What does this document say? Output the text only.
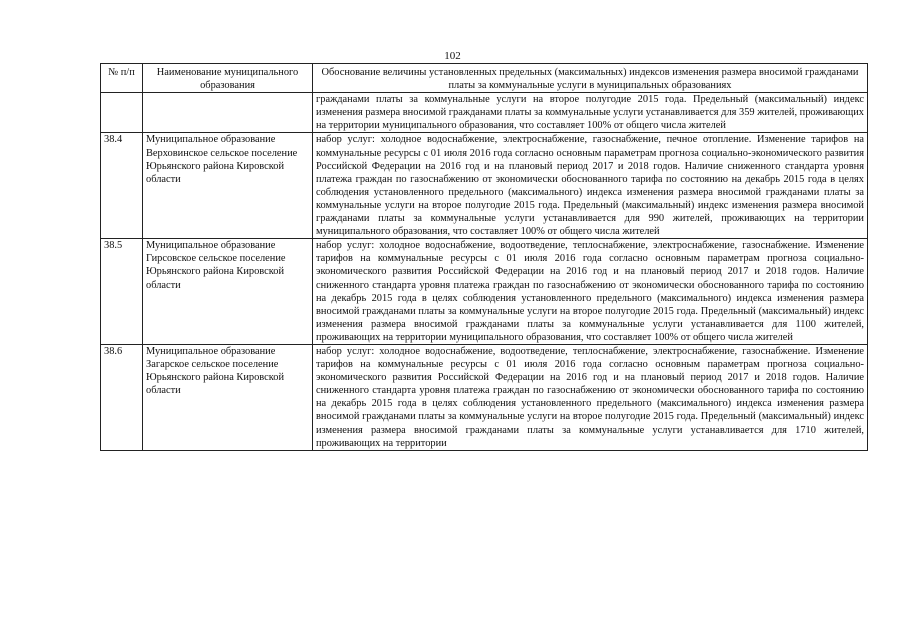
102
№ п/п	Наименование муниципального образования	Обоснование величины установленных предельных (максимальных) индексов изменения размера вносимой гражданами платы за коммунальные услуги в муниципальных образованиях
		гражданами платы за коммунальные услуги на второе полугодие 2015 года. Предельный (максимальный) индекс изменения размера вносимой гражданами платы за коммунальные услуги устанавливается для 359 жителей, проживающих на территории муниципального образования, что составляет 100% от общего числа жителей
38.4	Муниципальное образование Верховинское сельское поселение Юрьянского района Кировской области	набор услуг: холодное водоснабжение, электроснабжение, газоснабжение, печное отопление. Изменение тарифов на коммунальные ресурсы с 01 июля 2016 года согласно основным параметрам прогноза социально-экономического развития Российской Федерации на 2016 год и на плановый период 2017 и 2018 годов. Наличие сниженного стандарта уровня платежа граждан по газоснабжению от экономически обоснованного тарифа по состоянию на декабрь 2015 года в целях соблюдения установленного предельного (максимального) индекса изменения размера вносимой гражданами платы за коммунальные услуги на второе полугодие 2015 года. Предельный (максимальный) индекс изменения размера вносимой гражданами платы за коммунальные услуги устанавливается для 990 жителей, проживающих на территории муниципального образования, что составляет 100% от общего числа жителей
38.5	Муниципальное образование Гирсовское сельское поселение Юрьянского района Кировской области	набор услуг: холодное водоснабжение, водоотведение, теплоснабжение, электроснабжение, газоснабжение. Изменение тарифов на коммунальные ресурсы с 01 июля 2016 года согласно основным параметрам прогноза социально-экономического развития Российской Федерации на 2016 год и на плановый период 2017 и 2018 годов. Наличие сниженного стандарта уровня платежа граждан по газоснабжению от экономически обоснованного тарифа по состоянию на декабрь 2015 года в целях соблюдения установленного предельного (максимального) индекса изменения размера вносимой гражданами платы за коммунальные услуги на второе полугодие 2015 года. Предельный (максимальный) индекс изменения размера вносимой гражданами платы за коммунальные услуги устанавливается для 1100 жителей, проживающих на территории муниципального образования, что составляет 100% от общего числа жителей
38.6	Муниципальное образование Загарское сельское поселение Юрьянского района Кировской области	набор услуг: холодное водоснабжение, водоотведение, теплоснабжение, электроснабжение, газоснабжение. Изменение тарифов на коммунальные ресурсы с 01 июля 2016 года согласно основным параметрам прогноза социально-экономического развития Российской Федерации на 2016 год и на плановый период 2017 и 2018 годов. Наличие сниженного стандарта уровня платежа граждан по газоснабжению от экономически обоснованного тарифа по состоянию на декабрь 2015 года в целях соблюдения установленного предельного (максимального) индекса изменения размера вносимой гражданами платы за коммунальные услуги на второе полугодие 2015 года. Предельный (максимальный) индекс изменения размера вносимой гражданами платы за коммунальные услуги устанавливается для 1710 жителей, проживающих на территории
